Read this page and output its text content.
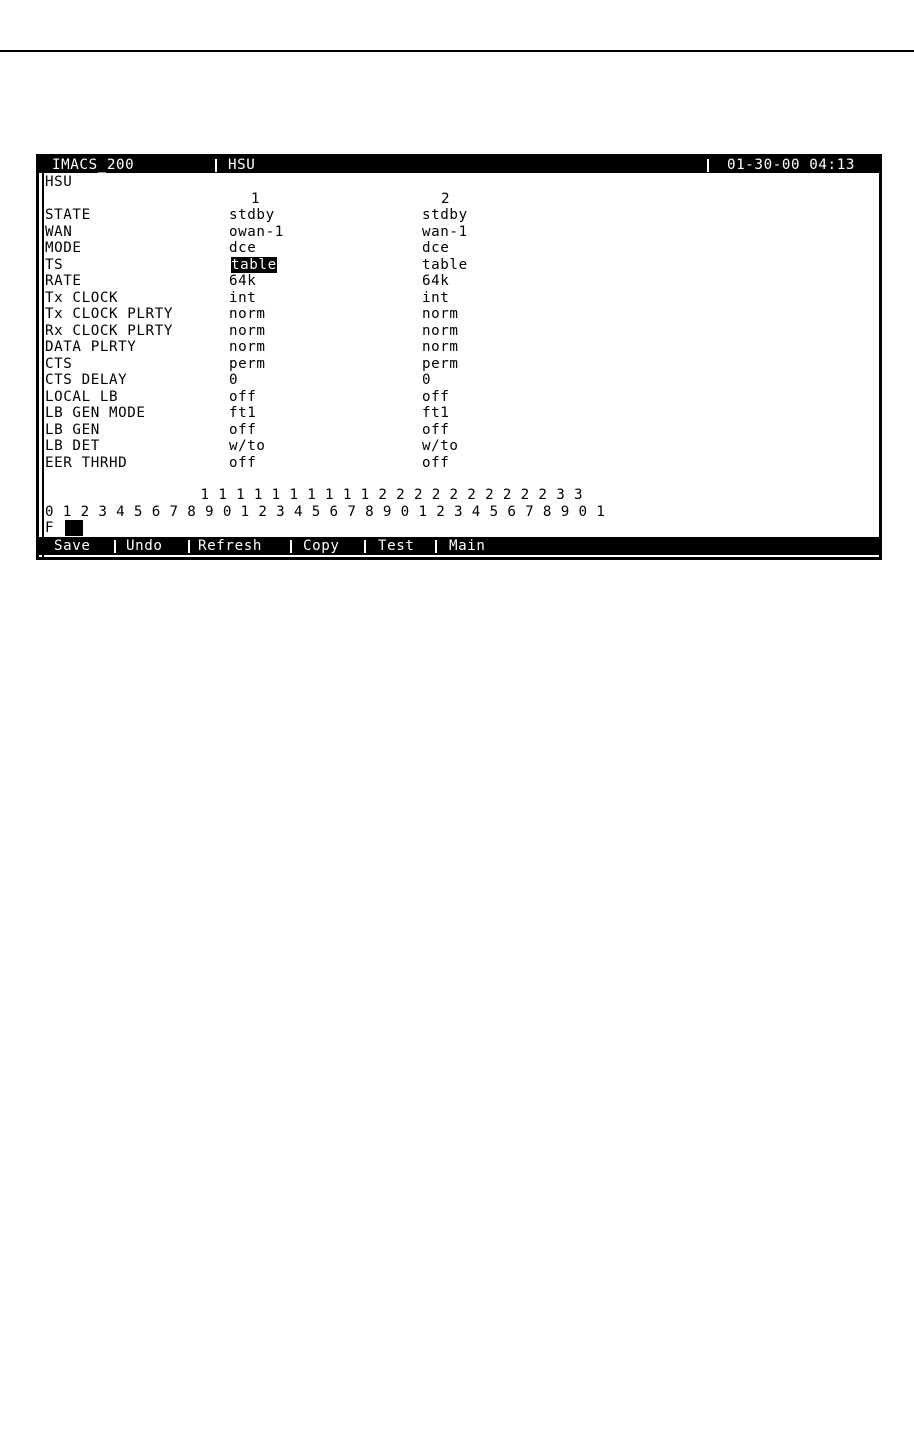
IMACS_200

	HSU

	01-30-00 04:13

HSU
1	2
STATE	stdby	stdby
WAN	owan-1	wan-1
MODE	dce	dce
TS	table	table
RATE	64k	64k
Tx CLOCK	int	int
Tx CLOCK PLRTY	norm	norm
Rx CLOCK PLRTY	norm	norm
DATA PLRTY	norm	norm
CTS	perm	perm
CTS DELAY	0	0
LOCAL LB	off	off
LB GEN MODE	ft1	ft1
LB GEN	off	off
LB DET	w/to	w/to
EER THRHD	off	off
1 1 1 1 1 1 1 1 1 1 2 2 2 2 2 2 2 2 2 2 3 3
0 1 2 3 4 5 6 7 8 9 0 1 2 3 4 5 6 7 8 9 0 1 2 3 4 5 6 7 8 9 0 1
F

Save

Undo

Refresh

	Copy

	Test

Main
